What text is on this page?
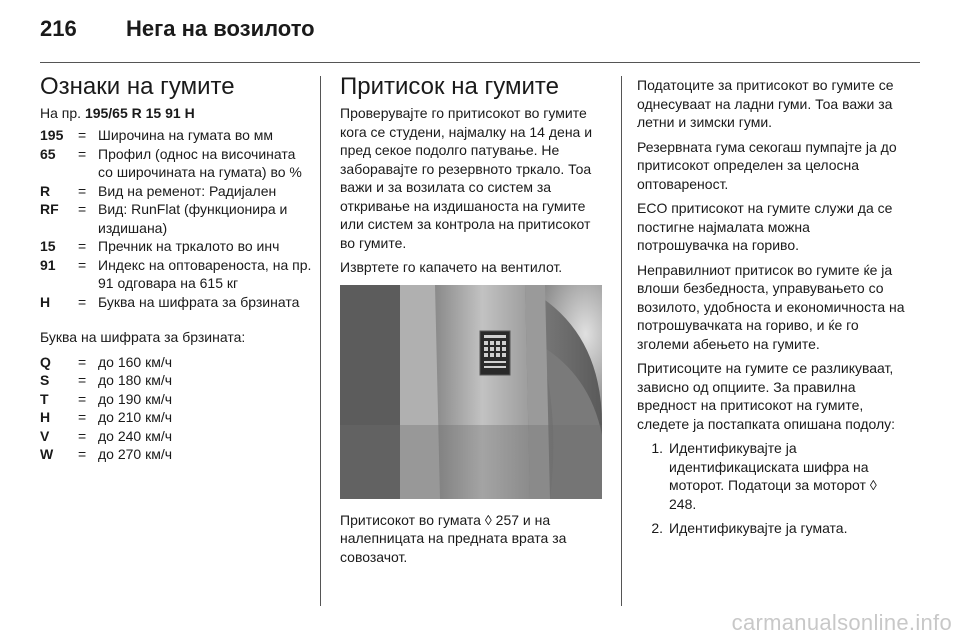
216	Нега на возилото
Ознаки на гумите
На пр. 195/65 R 15 91 H
195	= Широчина на гумата во мм
65	= Профил (однос на височината со широчината на гумата) во %
R	= Вид на ременот: Радијален
RF	= Вид: RunFlat (функционира и издишана)
15	= Пречник на тркалото во инч
91	= Индекс на оптовареноста, на пр. 91 одговара на 615 кг
H	= Буква на шифрата за брзината
Буква на шифрата за брзината:
Q	= до 160 км/ч
S	= до 180 км/ч
T	= до 190 км/ч
H	= до 210 км/ч
V	= до 240 км/ч
W	= до 270 км/ч
Притисок на гумите

Проверувајте го притисокот во гумите кога се студени, најмалку на 14 дена и пред секое подолго патување. Не заборавајте го резервното тркало. Тоа важи и за возилата со систем за откривање на издишаноста на гумите или систем за контрола на притисокот во гумите.

Извртете го капачето на вентилот.

Притисокот во гумата ◊ 257 и на налепницата на предната врата за совозачот.

Податоците за притисокот во гумите се однесуваат на ладни гуми. Тоа важи за летни и зимски гуми.

Резервната гума секогаш пумпајте ја до притисокот определен за целосна оптовареност.

ECO притисокот на гумите служи да се постигне најмалата можна потрошувачка на гориво.

Неправилниот притисок во гумите ќе ја влоши безбедноста, управувањето со возилото, удобноста и економичноста на потрошувачката на гориво, и ќе го зголеми абењето на гумите.

Притисоците на гумите се разликуваат, зависно од опциите. За правилна вредност на притисокот на гумите, следете ја постапката опишана подолу:

1. Идентификувајте ја идентификациската шифра на моторот. Податоци за моторот ◊ 248.
2. Идентификувајте ја гумата.
carmanualsonline.info
